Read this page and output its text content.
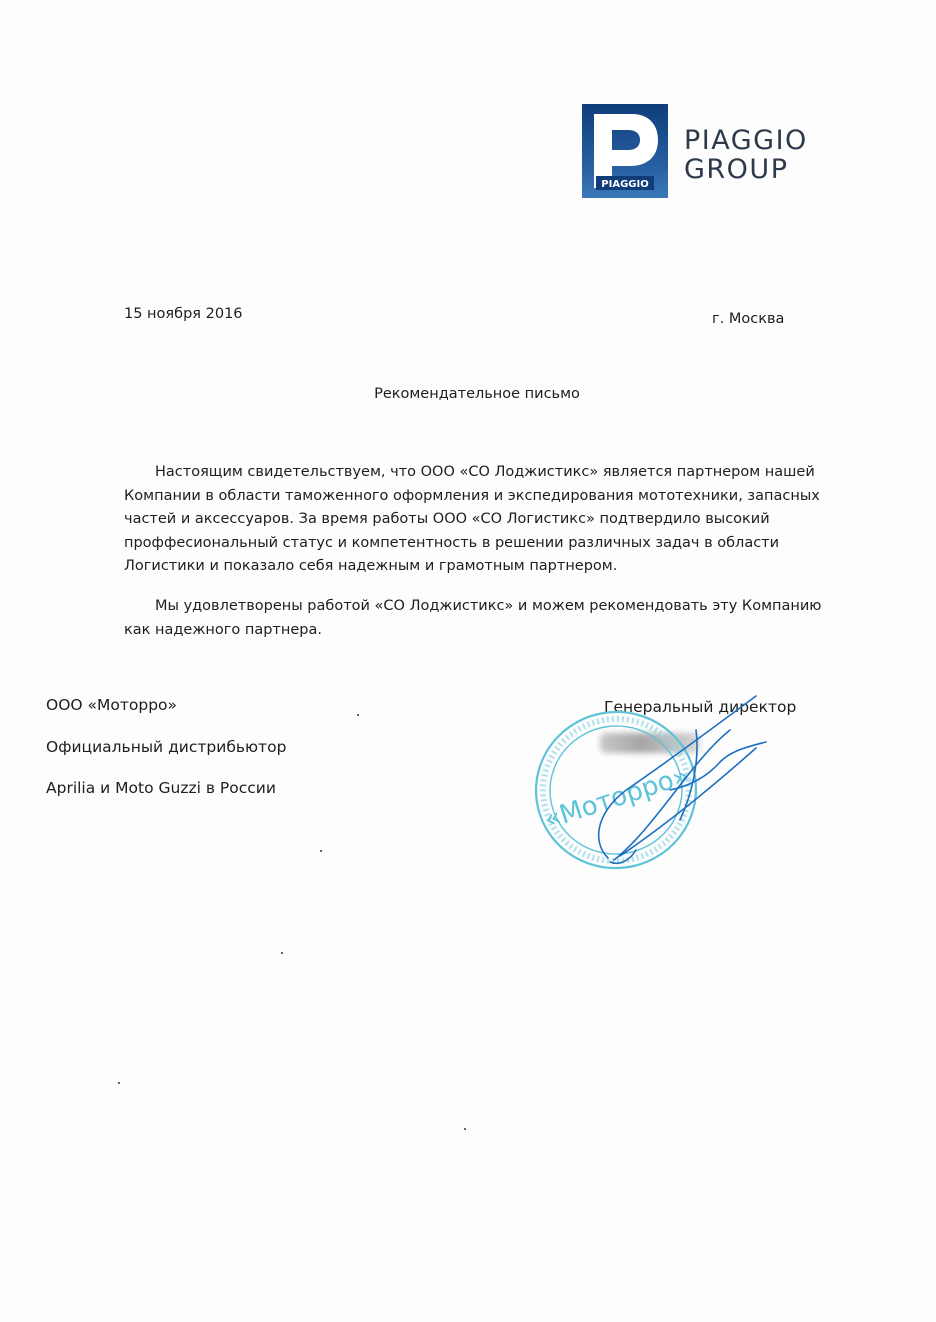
PIAGGIO
PIAGGIO
GROUP
15 ноября 2016	г. Москва
Рекомендательное письмо

Настоящим свидетельствуем, что ООО «СО Лоджистикс» является партнером нашей Компании в области таможенного оформления и экспедирования мототехники, запасных частей и аксессуаров. За время работы ООО «СО Логистикс» подтвердило высокий проффесиональный статус и компетентность в решении различных задач в области Логистики и показало себя надежным и грамотным партнером.

Мы удовлетворены работой «СО Лоджистикс» и можем рекомендовать эту Компанию как надежного партнера.

ООО «Моторро»
Официальный дистрибьютор
Aprilia и Moto Guzzi в России
Генеральный директор
«Моторро»
